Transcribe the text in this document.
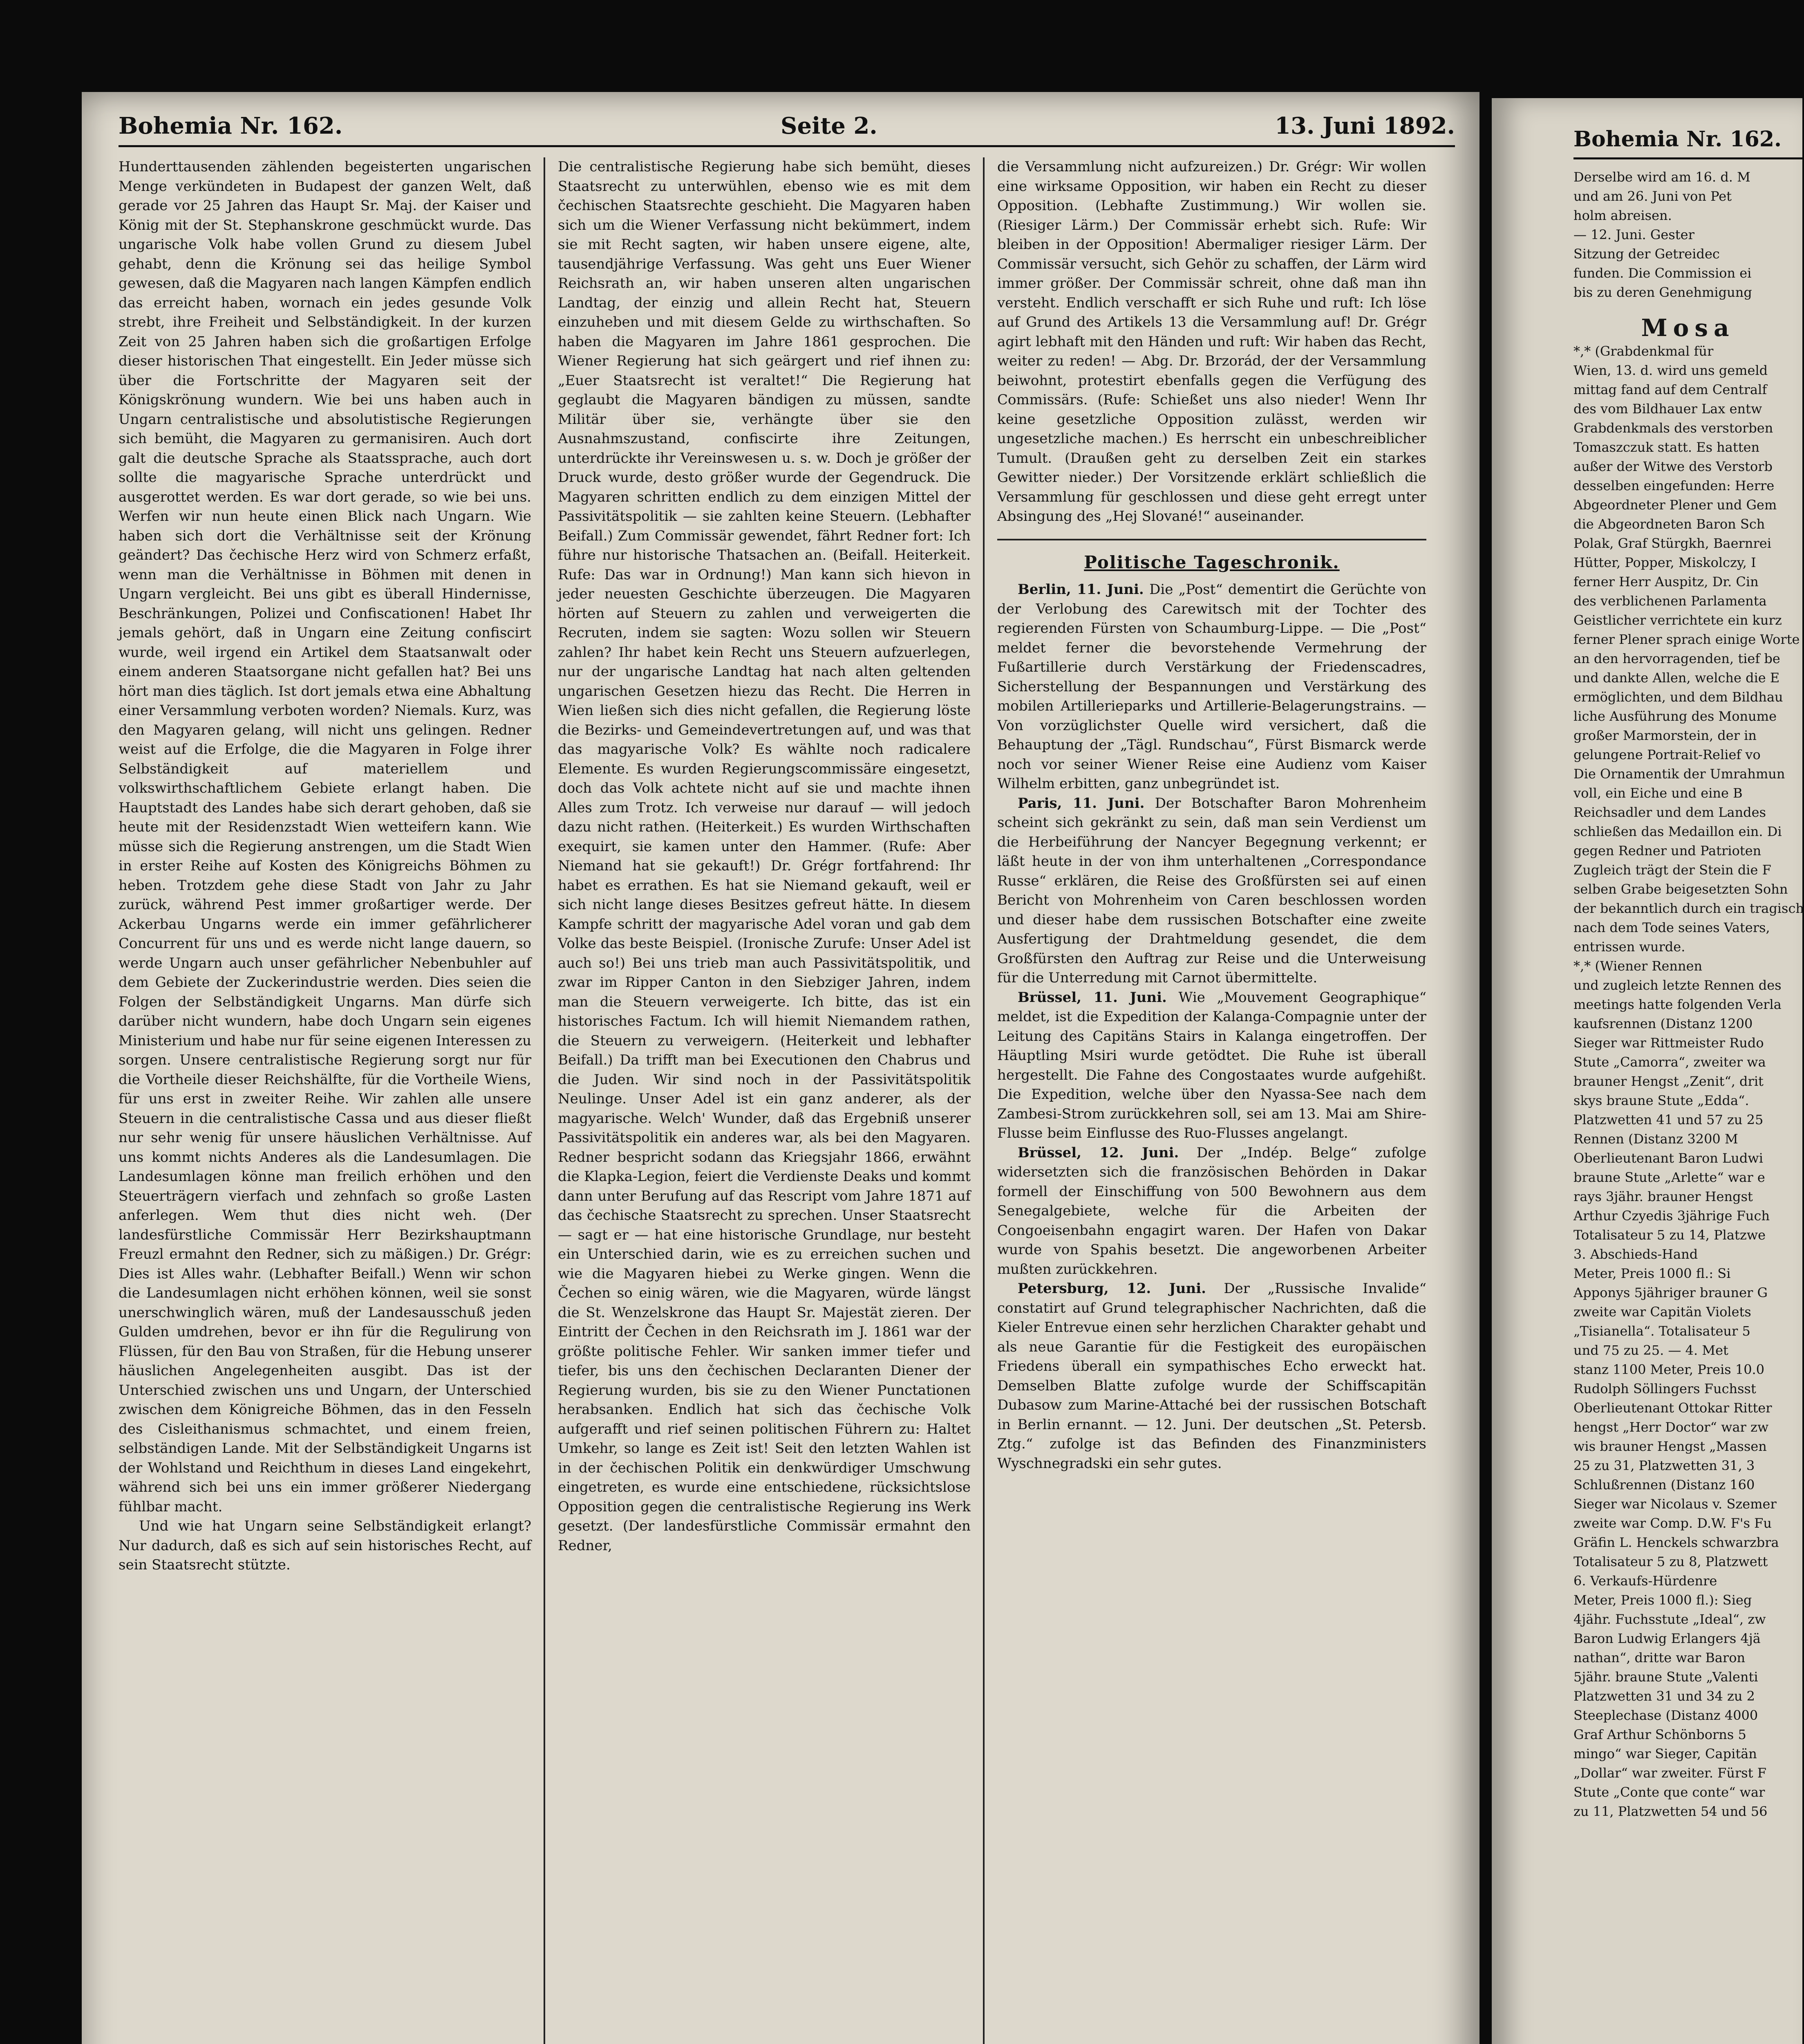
Bohemia Nr. 162.	Seite 2.	13. Juni 1892.

Hunderttausenden zählenden begeisterten ungarischen Menge verkündeten in Budapest der ganzen Welt, daß gerade vor 25 Jahren das Haupt Sr. Maj. der Kaiser und König mit der St. Stephanskrone geschmückt wurde. Das ungarische Volk habe vollen Grund zu diesem Jubel gehabt, denn die Krönung sei das heilige Symbol gewesen, daß die Magyaren nach langen Kämpfen endlich das erreicht haben, wornach ein jedes gesunde Volk strebt, ihre Freiheit und Selbständigkeit. In der kurzen Zeit von 25 Jahren haben sich die großartigen Erfolge dieser historischen That eingestellt. Ein Jeder müsse sich über die Fortschritte der Magyaren seit der Königskrönung wundern. Wie bei uns haben auch in Ungarn centralistische und absolutistische Regierungen sich bemüht, die Magyaren zu germanisiren. Auch dort galt die deutsche Sprache als Staatssprache, auch dort sollte die magyarische Sprache unterdrückt und ausgerottet werden. Es war dort gerade, so wie bei uns. Werfen wir nun heute einen Blick nach Ungarn. Wie haben sich dort die Verhältnisse seit der Krönung geändert? Das čechische Herz wird von Schmerz erfaßt, wenn man die Verhältnisse in Böhmen mit denen in Ungarn vergleicht. Bei uns gibt es überall Hindernisse, Beschränkungen, Polizei und Confiscationen! Habet Ihr jemals gehört, daß in Ungarn eine Zeitung confiscirt wurde, weil irgend ein Artikel dem Staatsanwalt oder einem anderen Staatsorgane nicht gefallen hat? Bei uns hört man dies täglich. Ist dort jemals etwa eine Abhaltung einer Versammlung verboten worden? Niemals. Kurz, was den Magyaren gelang, will nicht uns gelingen. Redner weist auf die Erfolge, die die Magyaren in Folge ihrer Selbständigkeit auf materiellem und volkswirthschaftlichem Gebiete erlangt haben. Die Hauptstadt des Landes habe sich derart gehoben, daß sie heute mit der Residenzstadt Wien wetteifern kann. Wie müsse sich die Regierung anstrengen, um die Stadt Wien in erster Reihe auf Kosten des Königreichs Böhmen zu heben. Trotzdem gehe diese Stadt von Jahr zu Jahr zurück, während Pest immer großartiger werde. Der Ackerbau Ungarns werde ein immer gefährlicherer Concurrent für uns und es werde nicht lange dauern, so werde Ungarn auch unser gefährlicher Nebenbuhler auf dem Gebiete der Zuckerindustrie werden. Dies seien die Folgen der Selbständigkeit Ungarns. Man dürfe sich darüber nicht wundern, habe doch Ungarn sein eigenes Ministerium und habe nur für seine eigenen Interessen zu sorgen. Unsere centralistische Regierung sorgt nur für die Vortheile dieser Reichshälfte, für die Vortheile Wiens, für uns erst in zweiter Reihe. Wir zahlen alle unsere Steuern in die centralistische Cassa und aus dieser fließt nur sehr wenig für unsere häuslichen Verhältnisse. Auf uns kommt nichts Anderes als die Landesumlagen. Die Landesumlagen könne man freilich erhöhen und den Steuerträgern vierfach und zehnfach so große Lasten anferlegen. Wem thut dies nicht weh. (Der landesfürstliche Commissär Herr Bezirkshauptmann Freuzl ermahnt den Redner, sich zu mäßigen.) Dr. Grégr: Dies ist Alles wahr. (Lebhafter Beifall.) Wenn wir schon die Landesumlagen nicht erhöhen können, weil sie sonst unerschwinglich wären, muß der Landesausschuß jeden Gulden umdrehen, bevor er ihn für die Regulirung von Flüssen, für den Bau von Straßen, für die Hebung unserer häuslichen Angelegenheiten ausgibt. Das ist der Unterschied zwischen uns und Ungarn, der Unterschied zwischen dem Königreiche Böhmen, das in den Fesseln des Cisleithanismus schmachtet, und einem freien, selbständigen Lande. Mit der Selbständigkeit Ungarns ist der Wohlstand und Reichthum in dieses Land eingekehrt, während sich bei uns ein immer größerer Niedergang fühlbar macht.

Und wie hat Ungarn seine Selbständigkeit erlangt? Nur dadurch, daß es sich auf sein historisches Recht, auf sein Staatsrecht stützte.

Die centralistische Regierung habe sich bemüht, dieses Staatsrecht zu unterwühlen, ebenso wie es mit dem čechischen Staatsrechte geschieht. Die Magyaren haben sich um die Wiener Verfassung nicht bekümmert, indem sie mit Recht sagten, wir haben unsere eigene, alte, tausendjährige Verfassung. Was geht uns Euer Wiener Reichsrath an, wir haben unseren alten ungarischen Landtag, der einzig und allein Recht hat, Steuern einzuheben und mit diesem Gelde zu wirthschaften. So haben die Magyaren im Jahre 1861 gesprochen. Die Wiener Regierung hat sich geärgert und rief ihnen zu: „Euer Staatsrecht ist veraltet!“ Die Regierung hat geglaubt die Magyaren bändigen zu müssen, sandte Militär über sie, verhängte über sie den Ausnahmszustand, confiscirte ihre Zeitungen, unterdrückte ihr Vereinswesen u. s. w. Doch je größer der Druck wurde, desto größer wurde der Gegendruck. Die Magyaren schritten endlich zu dem einzigen Mittel der Passivitätspolitik — sie zahlten keine Steuern. (Lebhafter Beifall.) Zum Commissär gewendet, fährt Redner fort: Ich führe nur historische Thatsachen an. (Beifall. Heiterkeit. Rufe: Das war in Ordnung!) Man kann sich hievon in jeder neuesten Geschichte überzeugen. Die Magyaren hörten auf Steuern zu zahlen und verweigerten die Recruten, indem sie sagten: Wozu sollen wir Steuern zahlen? Ihr habet kein Recht uns Steuern aufzuerlegen, nur der ungarische Landtag hat nach alten geltenden ungarischen Gesetzen hiezu das Recht. Die Herren in Wien ließen sich dies nicht gefallen, die Regierung löste die Bezirks- und Gemeindevertretungen auf, und was that das magyarische Volk? Es wählte noch radicalere Elemente. Es wurden Regierungscommissäre eingesetzt, doch das Volk achtete nicht auf sie und machte ihnen Alles zum Trotz. Ich verweise nur darauf — will jedoch dazu nicht rathen. (Heiterkeit.) Es wurden Wirthschaften exequirt, sie kamen unter den Hammer. (Rufe: Aber Niemand hat sie gekauft!) Dr. Grégr fortfahrend: Ihr habet es errathen. Es hat sie Niemand gekauft, weil er sich nicht lange dieses Besitzes gefreut hätte. In diesem Kampfe schritt der magyarische Adel voran und gab dem Volke das beste Beispiel. (Ironische Zurufe: Unser Adel ist auch so!) Bei uns trieb man auch Passivitätspolitik, und zwar im Ripper Canton in den Siebziger Jahren, indem man die Steuern verweigerte. Ich bitte, das ist ein historisches Factum. Ich will hiemit Niemandem rathen, die Steuern zu verweigern. (Heiterkeit und lebhafter Beifall.) Da trifft man bei Executionen den Chabrus und die Juden. Wir sind noch in der Passivitätspolitik Neulinge. Unser Adel ist ein ganz anderer, als der magyarische. Welch' Wunder, daß das Ergebniß unserer Passivitätspolitik ein anderes war, als bei den Magyaren. Redner bespricht sodann das Kriegsjahr 1866, erwähnt die Klapka-Legion, feiert die Verdienste Deaks und kommt dann unter Berufung auf das Rescript vom Jahre 1871 auf das čechische Staatsrecht zu sprechen. Unser Staatsrecht — sagt er — hat eine historische Grundlage, nur besteht ein Unterschied darin, wie es zu erreichen suchen und wie die Magyaren hiebei zu Werke gingen. Wenn die Čechen so einig wären, wie die Magyaren, würde längst die St. Wenzelskrone das Haupt Sr. Majestät zieren. Der Eintritt der Čechen in den Reichsrath im J. 1861 war der größte politische Fehler. Wir sanken immer tiefer und tiefer, bis uns den čechischen Declaranten Diener der Regierung wurden, bis sie zu den Wiener Punctationen herabsanken. Endlich hat sich das čechische Volk aufgerafft und rief seinen politischen Führern zu: Haltet Umkehr, so lange es Zeit ist! Seit den letzten Wahlen ist in der čechischen Politik ein denkwürdiger Umschwung eingetreten, es wurde eine entschiedene, rücksichtslose Opposition gegen die centralistische Regierung ins Werk gesetzt. (Der landesfürstliche Commissär ermahnt den Redner,

die Versammlung nicht aufzureizen.) Dr. Grégr: Wir wollen eine wirksame Opposition, wir haben ein Recht zu dieser Opposition. (Lebhafte Zustimmung.) Wir wollen sie. (Riesiger Lärm.) Der Commissär erhebt sich. Rufe: Wir bleiben in der Opposition! Abermaliger riesiger Lärm. Der Commissär versucht, sich Gehör zu schaffen, der Lärm wird immer größer. Der Commissär schreit, ohne daß man ihn versteht. Endlich verschafft er sich Ruhe und ruft: Ich löse auf Grund des Artikels 13 die Versammlung auf! Dr. Grégr agirt lebhaft mit den Händen und ruft: Wir haben das Recht, weiter zu reden! — Abg. Dr. Brzorád, der der Versammlung beiwohnt, protestirt ebenfalls gegen die Verfügung des Commissärs. (Rufe: Schießet uns also nieder! Wenn Ihr keine gesetzliche Opposition zulässt, werden wir ungesetzliche machen.) Es herrscht ein unbeschreiblicher Tumult. (Draußen geht zu derselben Zeit ein starkes Gewitter nieder.) Der Vorsitzende erklärt schließlich die Versammlung für geschlossen und diese geht erregt unter Absingung des „Hej Slované!“ auseinander.

Politische Tageschronik.

Berlin, 11. Juni. Die „Post“ dementirt die Gerüchte von der Verlobung des Carewitsch mit der Tochter des regierenden Fürsten von Schaumburg-Lippe. — Die „Post“ meldet ferner die bevorstehende Vermehrung der Fußartillerie durch Verstärkung der Friedenscadres, Sicherstellung der Bespannungen und Verstärkung des mobilen Artillerieparks und Artillerie-Belagerungstrains. — Von vorzüglichster Quelle wird versichert, daß die Behauptung der „Tägl. Rundschau“, Fürst Bismarck werde noch vor seiner Wiener Reise eine Audienz vom Kaiser Wilhelm erbitten, ganz unbegründet ist.

Paris, 11. Juni. Der Botschafter Baron Mohrenheim scheint sich gekränkt zu sein, daß man sein Verdienst um die Herbeiführung der Nancyer Begegnung verkennt; er läßt heute in der von ihm unterhaltenen „Correspondance Russe“ erklären, die Reise des Großfürsten sei auf einen Bericht von Mohrenheim von Caren beschlossen worden und dieser habe dem russischen Botschafter eine zweite Ausfertigung der Drahtmeldung gesendet, die dem Großfürsten den Auftrag zur Reise und die Unterweisung für die Unterredung mit Carnot übermittelte.

Brüssel, 11. Juni. Wie „Mouvement Geographique“ meldet, ist die Expedition der Kalanga-Compagnie unter der Leitung des Capitäns Stairs in Kalanga eingetroffen. Der Häuptling Msiri wurde getödtet. Die Ruhe ist überall hergestellt. Die Fahne des Congostaates wurde aufgehißt. Die Expedition, welche über den Nyassa-See nach dem Zambesi-Strom zurückkehren soll, sei am 13. Mai am Shire-Flusse beim Einflusse des Ruo-Flusses angelangt.

Brüssel, 12. Juni. Der „Indép. Belge“ zufolge widersetzten sich die französischen Behörden in Dakar formell der Einschiffung von 500 Bewohnern aus dem Senegalgebiete, welche für die Arbeiten der Congoeisenbahn engagirt waren. Der Hafen von Dakar wurde von Spahis besetzt. Die angeworbenen Arbeiter mußten zurückkehren.

Petersburg, 12. Juni. Der „Russische Invalide“ constatirt auf Grund telegraphischer Nachrichten, daß die Kieler Entrevue einen sehr herzlichen Charakter gehabt und als neue Garantie für die Festigkeit des europäischen Friedens überall ein sympathisches Echo erweckt hat. Demselben Blatte zufolge wurde der Schiffscapitän Dubasow zum Marine-Attaché bei der russischen Botschaft in Berlin ernannt. — 12. Juni. Der deutschen „St. Petersb. Ztg.“ zufolge ist das Befinden des Finanzministers Wyschnegradski ein sehr gutes.

Bohemia Nr. 162.
Derselbe wird am 16. d. M
und am 26. Juni von Pet
holm abreisen.
— 12. Juni. Gester
Sitzung der Getreidec
funden. Die Commission ei
bis zu deren Genehmigung
Mosa
*,* (Grabdenkmal für
Wien, 13. d. wird uns gemeld
mittag fand auf dem Centralf
des vom Bildhauer Lax entw
Grabdenkmals des verstorben
Tomaszczuk statt. Es hatten
außer der Witwe des Verstorb
desselben eingefunden: Herre
Abgeordneter Plener und Gem
die Abgeordneten Baron Sch
Polak, Graf Stürgkh, Baernrei
Hütter, Popper, Miskolczy, I
ferner Herr Auspitz, Dr. Cin
des verblichenen Parlamenta
Geistlicher verrichtete ein kurz
ferner Plener sprach einige Worte
an den hervorragenden, tief be
und dankte Allen, welche die E
ermöglichten, und dem Bildhau
liche Ausführung des Monume
großer Marmorstein, der in
gelungene Portrait-Relief vo
Die Ornamentik der Umrahmun
voll, ein Eiche und eine B
Reichsadler und dem Landes
schließen das Medaillon ein. Di
gegen Redner und Patrioten
Zugleich trägt der Stein die F
selben Grabe beigesetzten Sohn
der bekanntlich durch ein tragisch
nach dem Tode seines Vaters,
entrissen wurde.
*,* (Wiener Rennen
und zugleich letzte Rennen des
meetings hatte folgenden Verla
kaufsrennen (Distanz 1200
Sieger war Rittmeister Rudo
Stute „Camorra“, zweiter wa
brauner Hengst „Zenit“, drit
skys braune Stute „Edda“.
Platzwetten 41 und 57 zu 25
Rennen (Distanz 3200 M
Oberlieutenant Baron Ludwi
braune Stute „Arlette“ war e
rays 3jähr. brauner Hengst
Arthur Czyedis 3jährige Fuch
Totalisateur 5 zu 14, Platzwe
3. Abschieds-Hand
Meter, Preis 1000 fl.: Si
Apponys 5jähriger brauner G
zweite war Capitän Violets
„Tisianella“. Totalisateur 5
und 75 zu 25. — 4. Met
stanz 1100 Meter, Preis 10.0
Rudolph Söllingers Fuchsst
Oberlieutenant Ottokar Ritter
hengst „Herr Doctor“ war zw
wis brauner Hengst „Massen
25 zu 31, Platzwetten 31, 3
Schlußrennen (Distanz 160
Sieger war Nicolaus v. Szemer
zweite war Comp. D.W. F's Fu
Gräfin L. Henckels schwarzbra
Totalisateur 5 zu 8, Platzwett
6. Verkaufs-Hürdenre
Meter, Preis 1000 fl.): Sieg
4jähr. Fuchsstute „Ideal“, zw
Baron Ludwig Erlangers 4jä
nathan“, dritte war Baron
5jähr. braune Stute „Valenti
Platzwetten 31 und 34 zu 2
Steeplechase (Distanz 4000
Graf Arthur Schönborns 5
mingo“ war Sieger, Capitän
„Dollar“ war zweiter. Fürst F
Stute „Conte que conte“ war
zu 11, Platzwetten 54 und 56
